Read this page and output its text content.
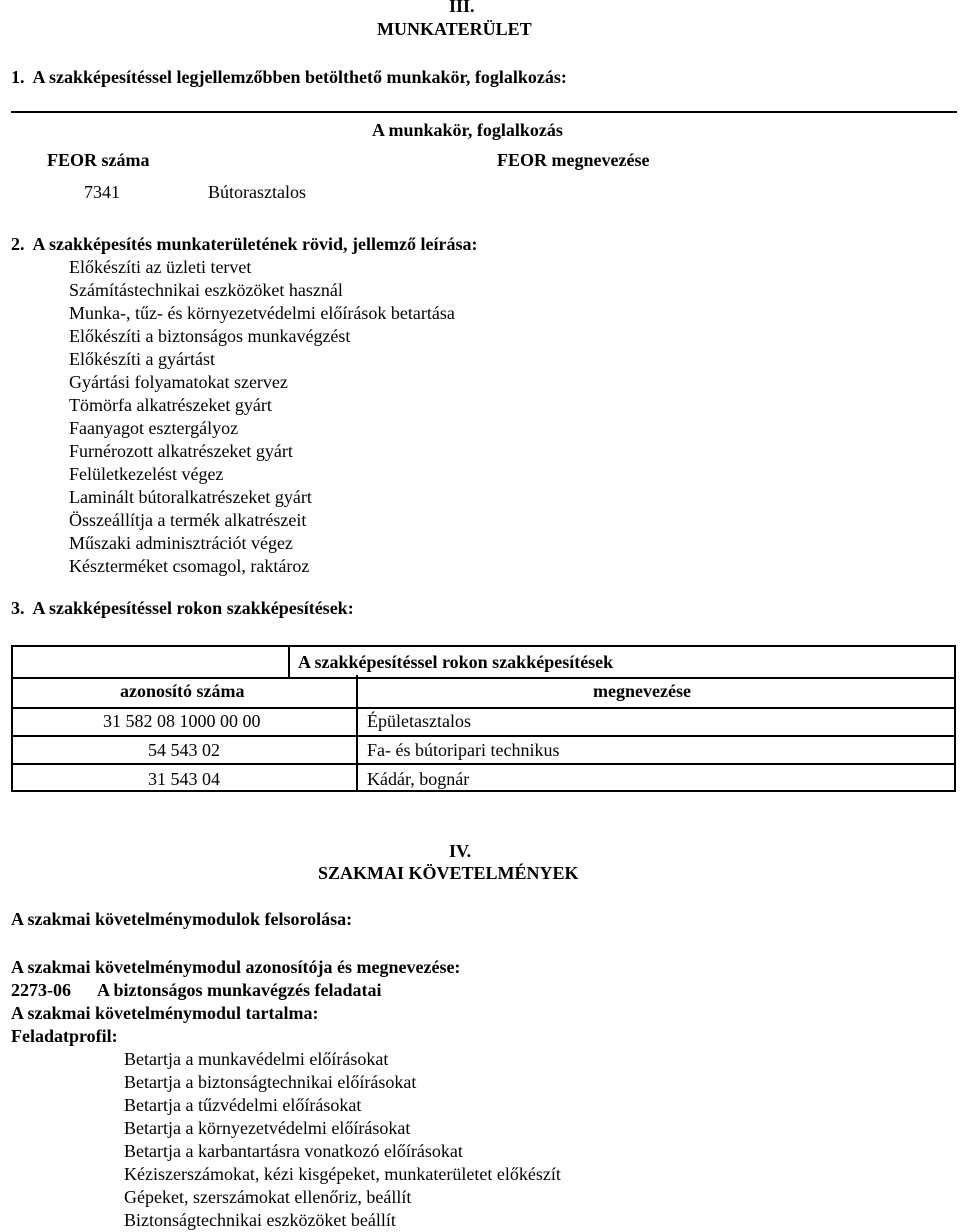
III.
MUNKATERÜLET
1.  A szakképesítéssel legjellemzőbben betölthető munkakör, foglalkozás:
A munkakör, foglalkozás
FEOR száma	FEOR megnevezése
7341	Bútorasztalos
2.  A szakképesítés munkaterületének rövid, jellemző leírása:
Előkészíti az üzleti tervet
Számítástechnikai eszközöket használ
Munka-, tűz- és környezetvédelmi előírások betartása
Előkészíti a biztonságos munkavégzést
Előkészíti a gyártást
Gyártási folyamatokat szervez
Tömörfa alkatrészeket gyárt
Faanyagot esztergályoz
Furnérozott alkatrészeket gyárt
Felületkezelést végez
Laminált bútoralkatrészeket gyárt
Összeállítja a termék alkatrészeit
Műszaki adminisztrációt végez
Készterméket csomagol, raktároz
3.  A szakképesítéssel rokon szakképesítések:
A szakképesítéssel rokon szakképesítések
azonosító száma	megnevezése
31 582 08 1000 00 00	Épületasztalos
54 543 02	Fa- és bútoripari technikus
31 543 04	Kádár, bognár
IV.
SZAKMAI KÖVETELMÉNYEK
A szakmai követelménymodulok felsorolása:
A szakmai követelménymodul azonosítója és megnevezése:
2273-06 A biztonságos munkavégzés feladatai
A szakmai követelménymodul tartalma:
Feladatprofil:
Betartja a munkavédelmi előírásokat
Betartja a biztonságtechnikai előírásokat
Betartja a tűzvédelmi előírásokat
Betartja a környezetvédelmi előírásokat
Betartja a karbantartásra vonatkozó előírásokat
Kéziszerszámokat, kézi kisgépeket, munkaterületet előkészít
Gépeket, szerszámokat ellenőriz, beállít
Biztonságtechnikai eszközöket beállít
